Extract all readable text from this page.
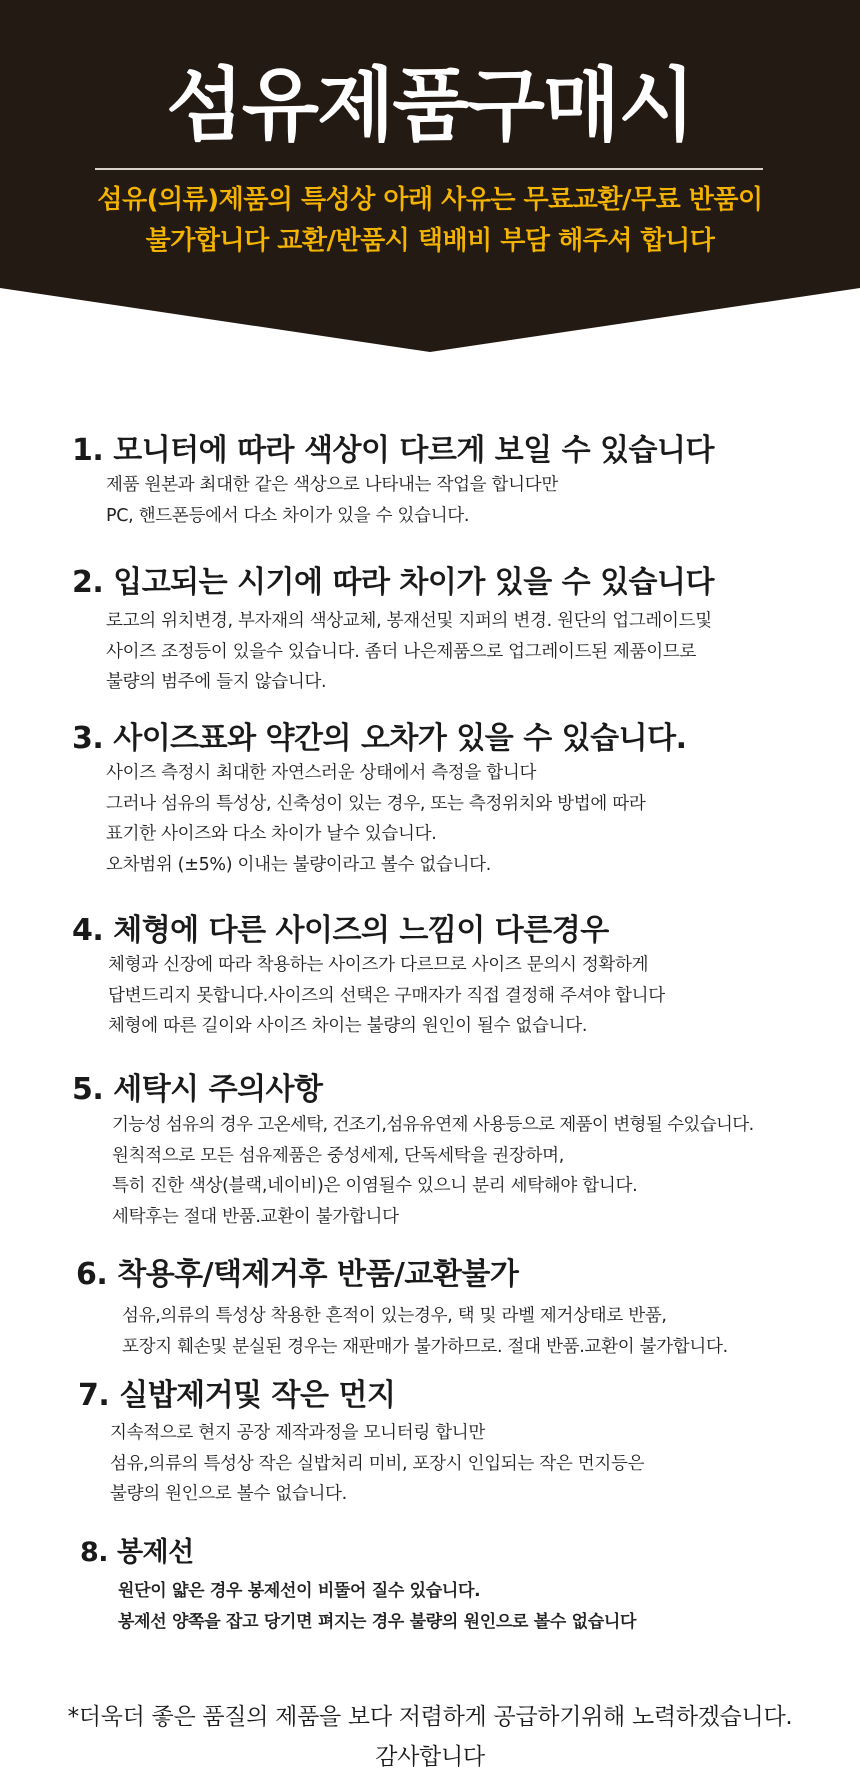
섬유제품구매시
섬유(의류)제품의 특성상 아래 사유는 무료교환/무료 반품이
불가합니다 교환/반품시 택배비 부담 해주셔 합니다
1. 모니터에 따라 색상이 다르게 보일 수 있습니다
제품 원본과 최대한 같은 색상으로 나타내는 작업을 합니다만
PC, 핸드폰등에서 다소 차이가 있을 수 있습니다.
2. 입고되는 시기에 따라 차이가 있을 수 있습니다
로고의 위치변경, 부자재의 색상교체, 봉재선및 지퍼의 변경. 원단의 업그레이드및
사이즈 조정등이 있을수 있습니다. 좀더 나은제품으로 업그레이드된 제품이므로
불량의 범주에 들지 않습니다.
3. 사이즈표와 약간의 오차가 있을 수 있습니다.
사이즈 측정시 최대한 자연스러운 상태에서 측정을 합니다
그러나 섬유의 특성상, 신축성이 있는 경우, 또는 측정위치와 방법에 따라
표기한 사이즈와 다소 차이가 날수 있습니다.
오차범위 (±5%) 이내는 불량이라고 볼수 없습니다.
4. 체형에 다른 사이즈의 느낌이 다른경우
체형과 신장에 따라 착용하는 사이즈가 다르므로 사이즈 문의시 정확하게
답변드리지 못합니다.사이즈의 선택은 구매자가 직접 결정해 주셔야 합니다
체형에 따른 길이와 사이즈 차이는 불량의 원인이 될수 없습니다.
5. 세탁시 주의사항
기능성 섬유의 경우 고온세탁, 건조기,섬유유연제 사용등으로 제품이 변형될 수있습니다.
원칙적으로 모든 섬유제품은 중성세제, 단독세탁을 권장하며,
특히 진한 색상(블랙,네이비)은 이염될수 있으니 분리 세탁해야 합니다.
세탁후는 절대 반품.교환이 불가합니다
6. 착용후/택제거후 반품/교환불가
섬유,의류의 특성상 착용한 흔적이 있는경우, 택 및 라벨 제거상태로 반품,
포장지 훼손및 분실된 경우는 재판매가 불가하므로. 절대 반품.교환이 불가합니다.
7. 실밥제거및 작은 먼지
지속적으로 현지 공장 제작과정을 모니터링 합니만
섬유,의류의 특성상 작은 실밥처리 미비, 포장시 인입되는 작은 먼지등은
불량의 원인으로 볼수 없습니다.
8. 봉제선
원단이 얇은 경우 봉제선이 비뚤어 질수 있습니다.
봉제선 양쪽을 잡고 당기면 펴지는 경우 불량의 원인으로 볼수 없습니다
*더욱더 좋은 품질의 제품을 보다 저렴하게 공급하기위해 노력하겠습니다.
감사합니다
